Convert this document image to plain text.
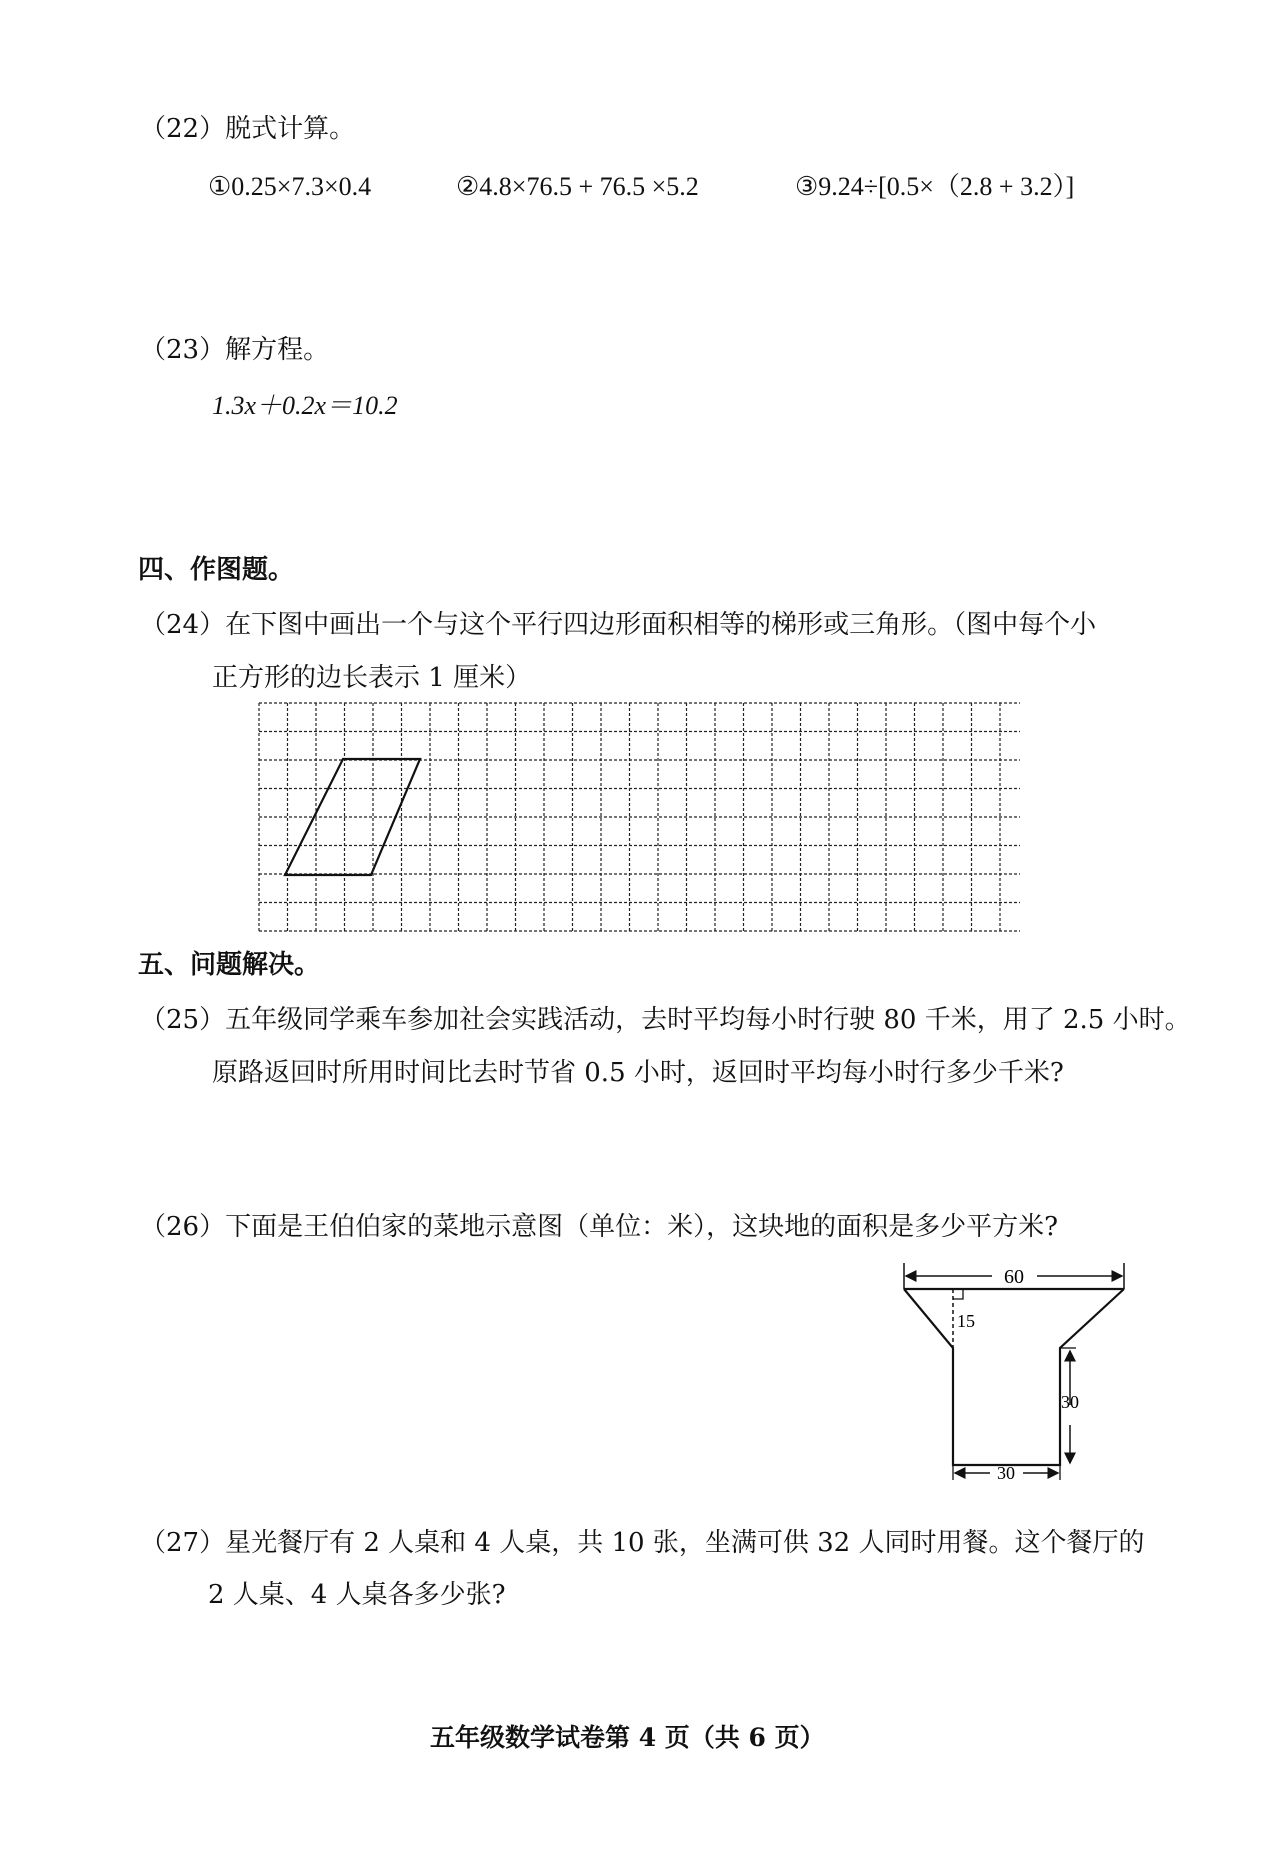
（22）脱式计算。
①0.25×7.3×0.4	②4.8×76.5 + 76.5 ×5.2	③9.24÷[0.5×（2.8 + 3.2）]
（23）解方程。
1.3x＋0.2x＝10.2
四、作图题。
（24）在下图中画出一个与这个平行四边形面积相等的梯形或三角形。（图中每个小
正方形的边长表示 1 厘米）
五、问题解决。
（25）五年级同学乘车参加社会实践活动，去时平均每小时行驶 80 千米，用了 2.5 小时。
原路返回时所用时间比去时节省 0.5 小时，返回时平均每小时行多少千米?
（26）下面是王伯伯家的菜地示意图（单位：米），这块地的面积是多少平方米?
60
15
30
30
（27）星光餐厅有 2 人桌和 4 人桌，共 10 张，坐满可供 32 人同时用餐。这个餐厅的
2 人桌、4 人桌各多少张?
五年级数学试卷第 4 页（共 6 页）
